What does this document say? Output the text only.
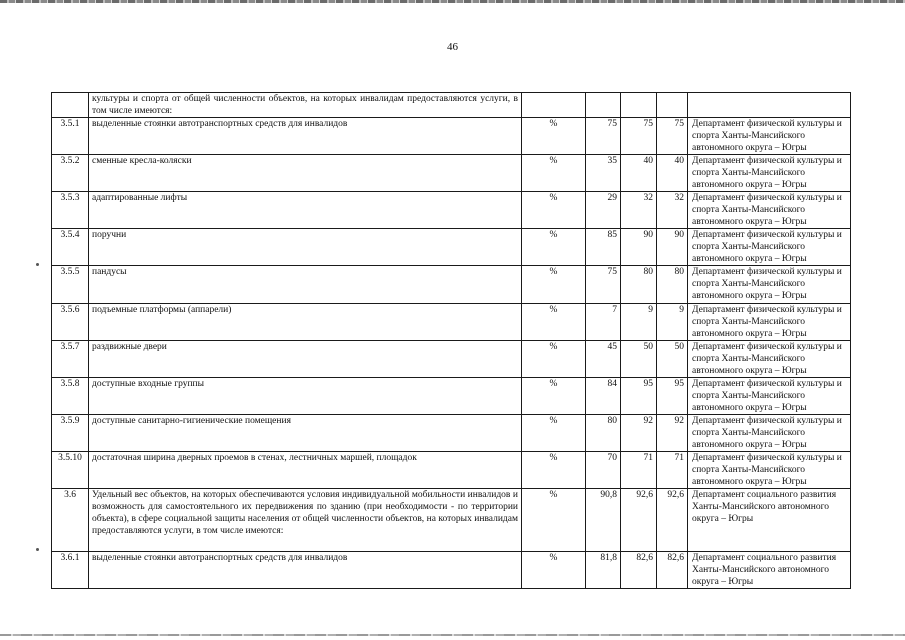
46
	культуры и спорта от общей численности объектов, на которых инвалидам предоставляются услуги, в том числе имеются:					
3.5.1	выделенные стоянки автотранспортных средств для инвалидов	%	75	75	75	Департамент физической культуры и спорта Ханты-Мансийского автономного округа – Югры
3.5.2	сменные кресла-коляски	%	35	40	40	Департамент физической культуры и спорта Ханты-Мансийского автономного округа – Югры
3.5.3	адаптированные лифты	%	29	32	32	Департамент физической культуры и спорта Ханты-Мансийского автономного округа – Югры
3.5.4	поручни	%	85	90	90	Департамент физической культуры и спорта Ханты-Мансийского автономного округа – Югры
3.5.5	пандусы	%	75	80	80	Департамент физической культуры и спорта Ханты-Мансийского автономного округа – Югры
3.5.6	подъемные платформы (аппарели)	%	7	9	9	Департамент физической культуры и спорта Ханты-Мансийского автономного округа – Югры
3.5.7	раздвижные двери	%	45	50	50	Департамент физической культуры и спорта Ханты-Мансийского автономного округа – Югры
3.5.8	доступные входные группы	%	84	95	95	Департамент физической культуры и спорта Ханты-Мансийского автономного округа – Югры
3.5.9	доступные санитарно-гигиенические помещения	%	80	92	92	Департамент физической культуры и спорта Ханты-Мансийского автономного округа – Югры
3.5.10	достаточная ширина дверных проемов в стенах, лестничных маршей, площадок	%	70	71	71	Департамент физической культуры и спорта Ханты-Мансийского автономного округа – Югры
3.6	Удельный вес объектов, на которых обеспечиваются условия индивидуальной мобильности инвалидов и возможность для самостоятельного их передвижения по зданию (при необходимости - по территории объекта), в сфере социальной защиты населения от общей численности объектов, на которых инвалидам предоставляются услуги, в том числе имеются:	%	90,8	92,6	92,6	Департамент социального развития Ханты-Мансийского автономного округа – Югры
3.6.1	выделенные стоянки автотранспортных средств для инвалидов	%	81,8	82,6	82,6	Департамент социального развития Ханты-Мансийского автономного округа – Югры
